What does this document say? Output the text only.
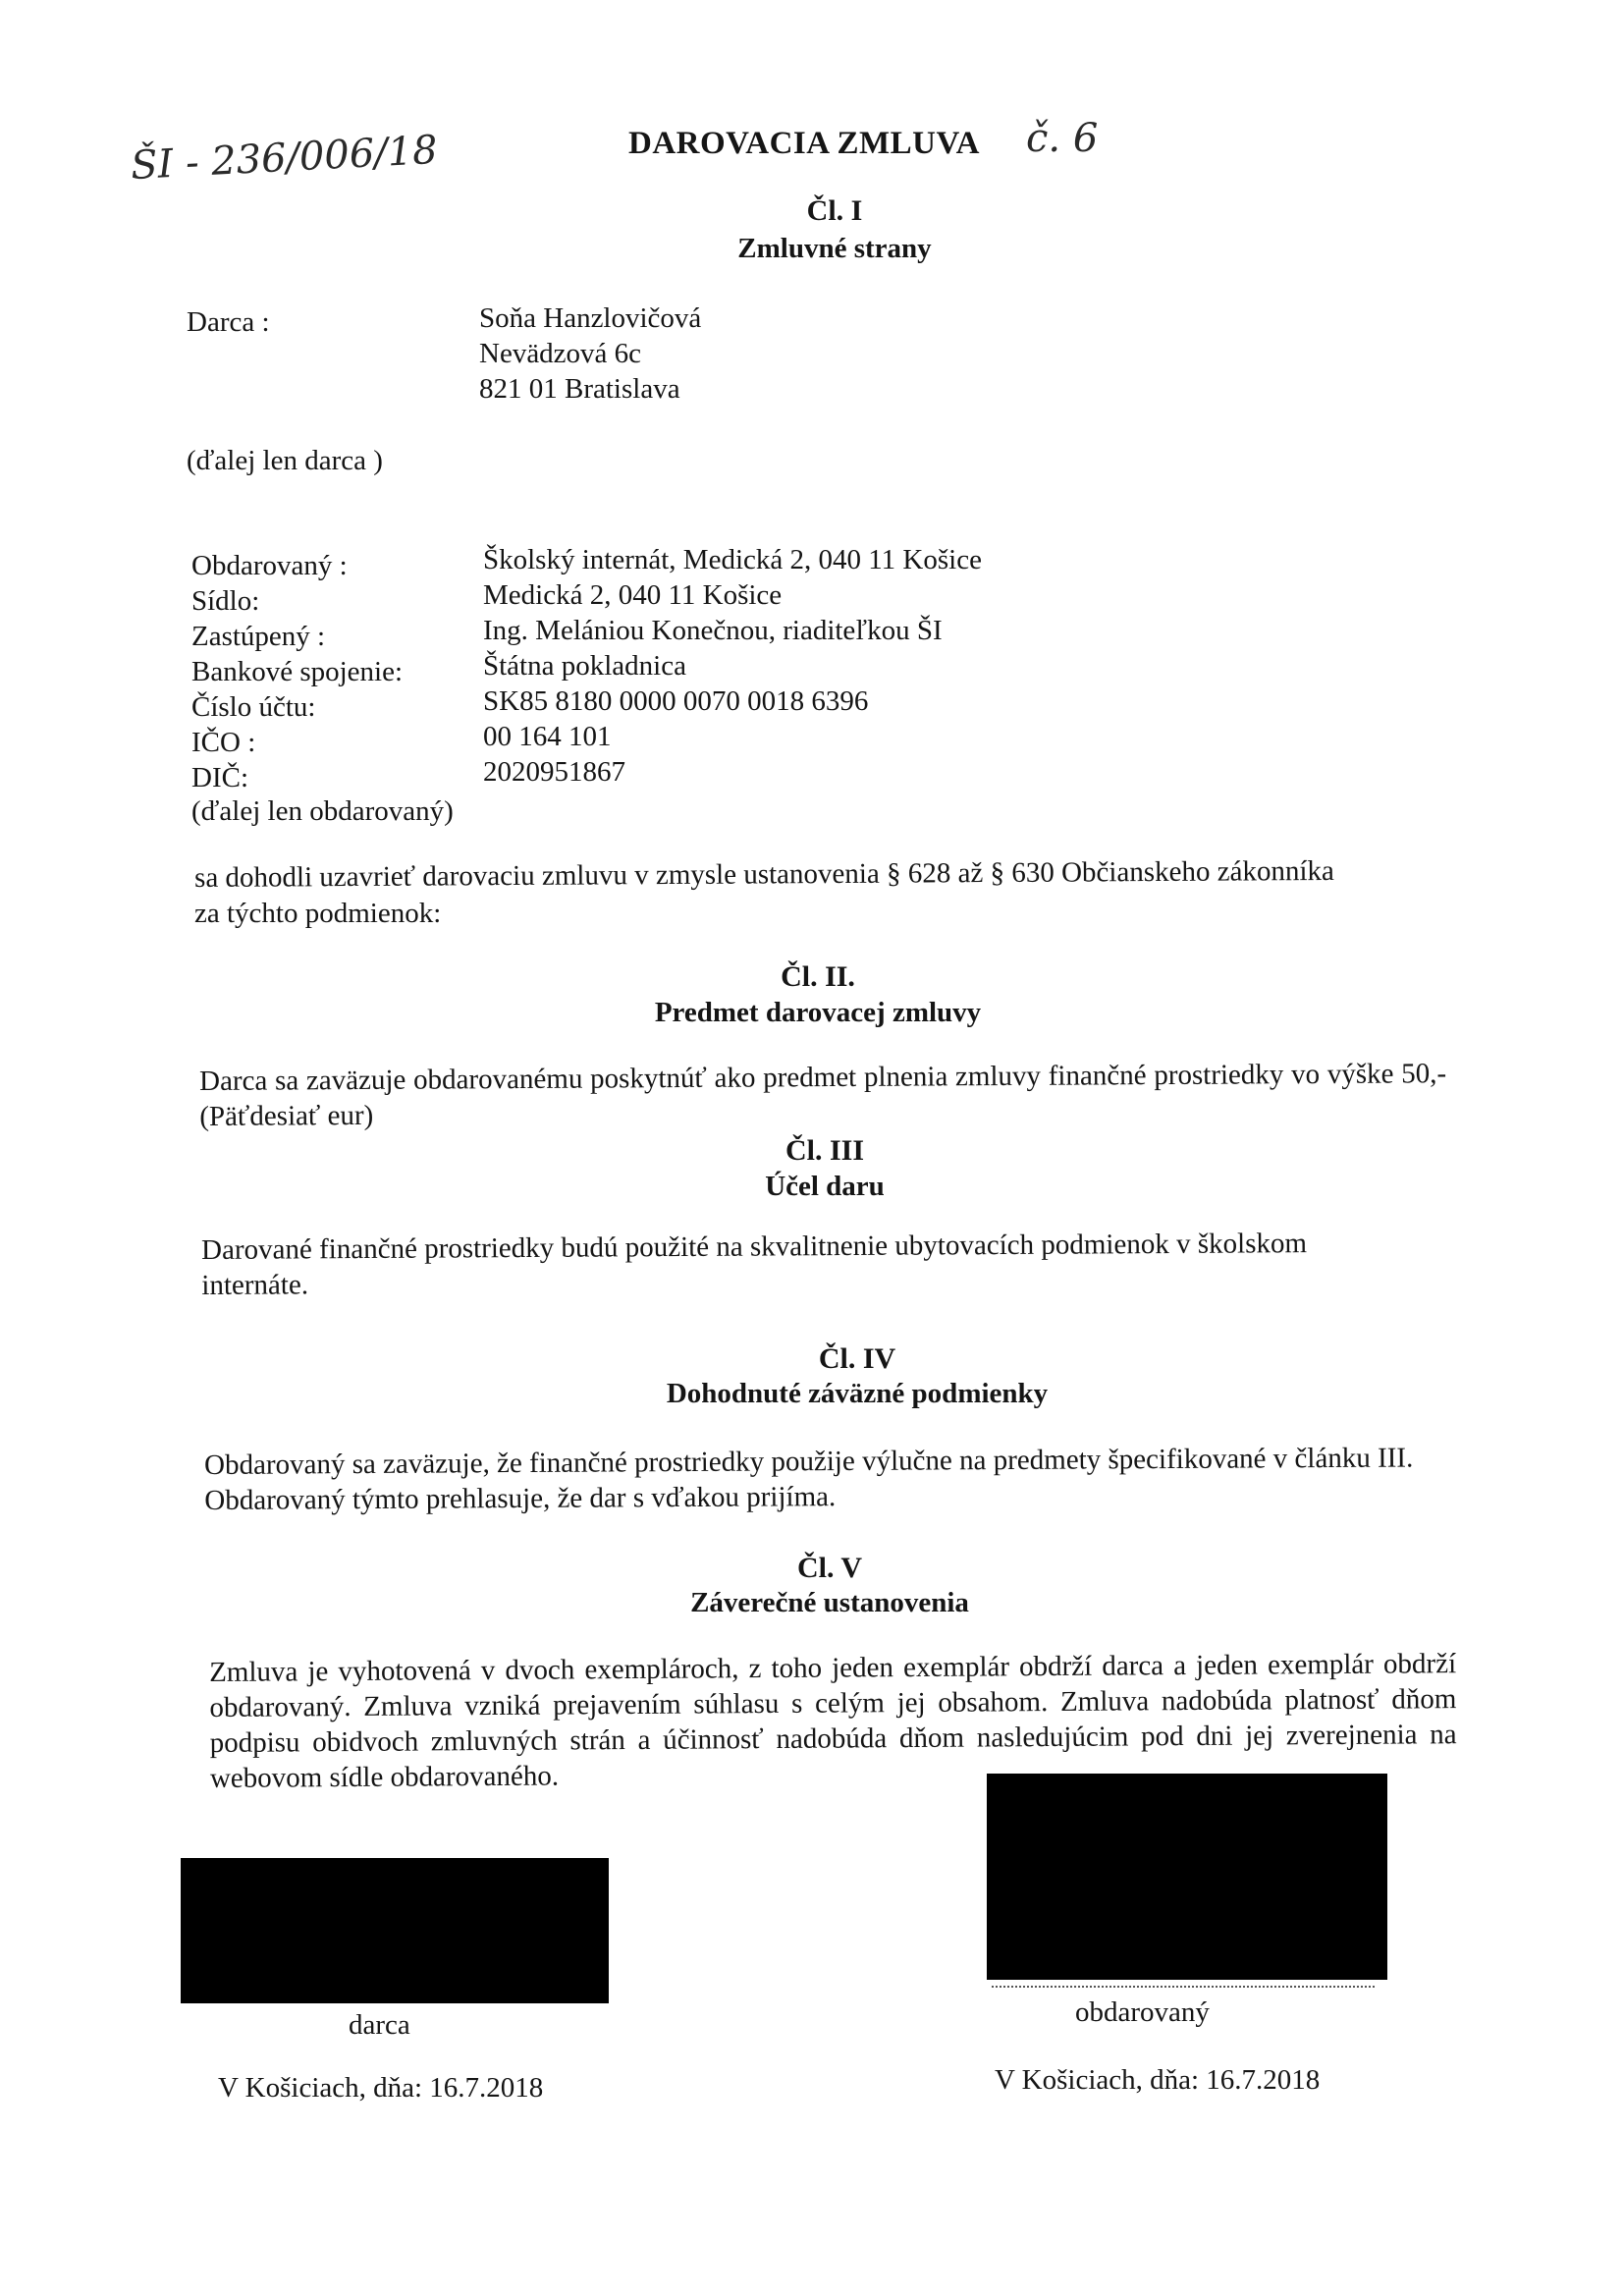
ŠI - 236/006/18	DAROVACIA ZMLUVA č. 6
Čl. I
Zmluvné strany
Darca :	Soňa Hanzlovičová
Nevädzová 6c
821 01 Bratislava
(ďalej len darca )
Obdarovaný :	Školský internát, Medická 2, 040 11 Košice
Sídlo:	Medická 2, 040 11 Košice
Zastúpený :	Ing. Melániou Konečnou, riaditeľkou ŠI
Bankové spojenie:	Štátna pokladnica
Číslo účtu:	SK85 8180 0000 0070 0018 6396
IČO :	00 164 101
DIČ:	2020951867
(ďalej len obdarovaný)
sa dohodli uzavrieť darovaciu zmluvu v zmysle ustanovenia § 628 až § 630 Občianskeho zákonníka
za týchto podmienok:
Čl. II.
Predmet darovacej zmluvy
Darca sa zaväzuje obdarovanému poskytnúť ako predmet plnenia zmluvy finančné prostriedky vo výške 50,- (Päťdesiať eur)
Čl. III
Účel daru
Darované finančné prostriedky budú použité na skvalitnenie ubytovacích podmienok v školskom internáte.
Čl. IV
Dohodnuté záväzné podmienky
Obdarovaný sa zaväzuje, že finančné prostriedky použije výlučne na predmety špecifikované v článku III. Obdarovaný týmto prehlasuje, že dar s vďakou prijíma.
Čl. V
Záverečné ustanovenia
Zmluva je vyhotovená v dvoch exemplároch, z toho jeden exemplár obdrží darca a jeden exemplár obdrží obdarovaný. Zmluva vzniká prejavením súhlasu s celým jej obsahom. Zmluva nadobúda platnosť dňom podpisu obidvoch zmluvných strán a účinnosť nadobúda dňom nasledujúcim pod dni jej zverejnenia na webovom sídle obdarovaného.
darca
V Košiciach, dňa: 16.7.2018
obdarovaný
V Košiciach, dňa: 16.7.2018
